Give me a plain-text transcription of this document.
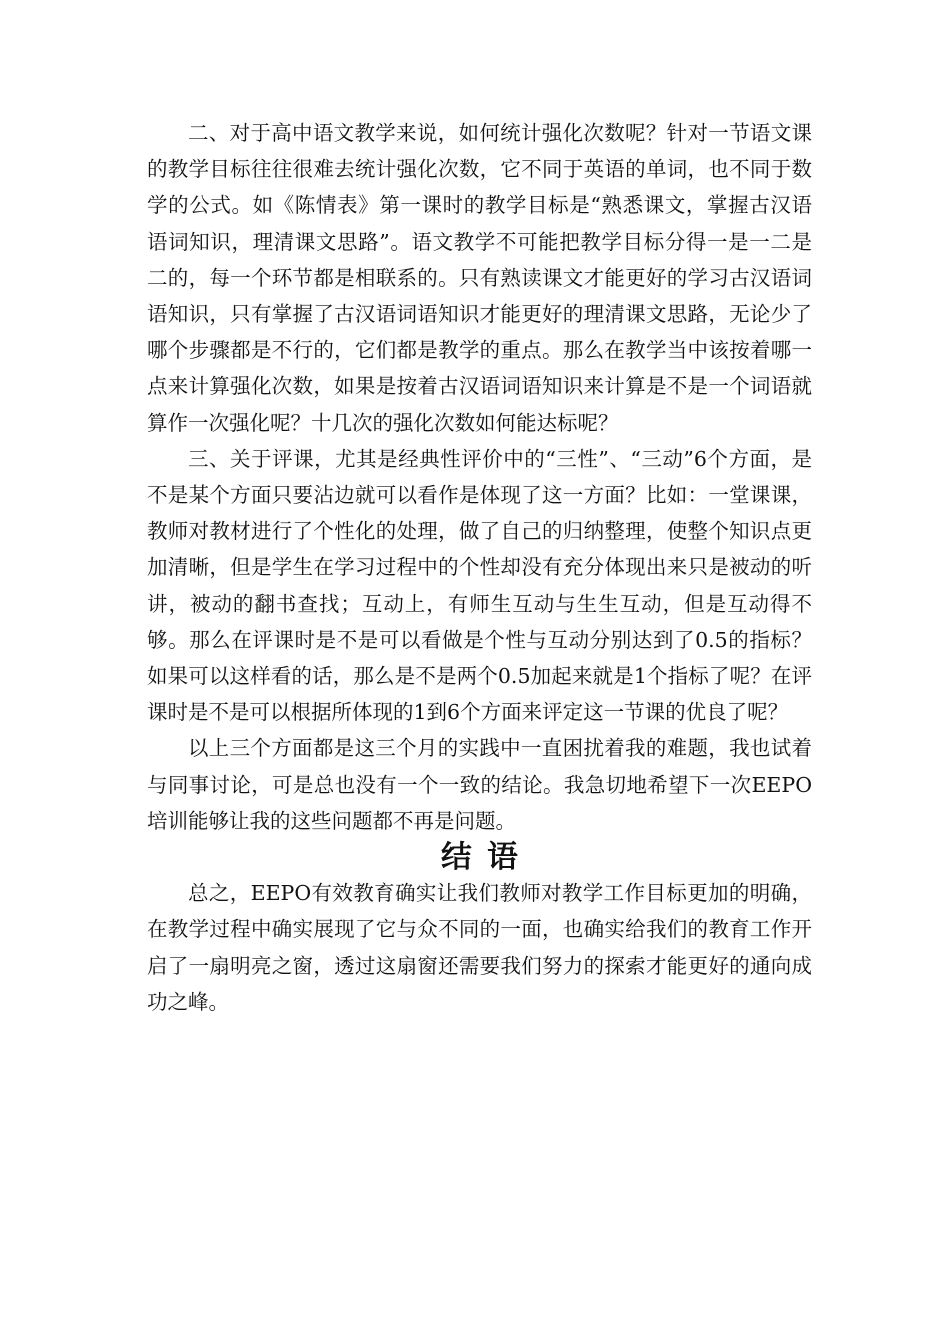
二、对于高中语文教学来说，如何统计强化次数呢？针对一节语文课的教学目标往往很难去统计强化次数，它不同于英语的单词，也不同于数学的公式。如《陈情表》第一课时的教学目标是“熟悉课文，掌握古汉语语词知识，理清课文思路”。语文教学不可能把教学目标分得一是一二是二的，每一个环节都是相联系的。只有熟读课文才能更好的学习古汉语词语知识，只有掌握了古汉语词语知识才能更好的理清课文思路，无论少了哪个步骤都是不行的，它们都是教学的重点。那么在教学当中该按着哪一点来计算强化次数，如果是按着古汉语词语知识来计算是不是一个词语就算作一次强化呢？十几次的强化次数如何能达标呢？

三、关于评课，尤其是经典性评价中的“三性”、“三动”6个方面，是不是某个方面只要沾边就可以看作是体现了这一方面？比如：一堂课课，教师对教材进行了个性化的处理，做了自己的归纳整理，使整个知识点更加清晰，但是学生在学习过程中的个性却没有充分体现出来只是被动的听讲，被动的翻书查找；互动上，有师生互动与生生互动，但是互动得不够。那么在评课时是不是可以看做是个性与互动分别达到了0.5的指标？如果可以这样看的话，那么是不是两个0.5加起来就是1个指标了呢？在评课时是不是可以根据所体现的1到6个方面来评定这一节课的优良了呢？

以上三个方面都是这三个月的实践中一直困扰着我的难题，我也试着与同事讨论，可是总也没有一个一致的结论。我急切地希望下一次EEPO培训能够让我的这些问题都不再是问题。

结语

总之，EEPO有效教育确实让我们教师对教学工作目标更加的明确，在教学过程中确实展现了它与众不同的一面，也确实给我们的教育工作开启了一扇明亮之窗，透过这扇窗还需要我们努力的探索才能更好的通向成功之峰。
